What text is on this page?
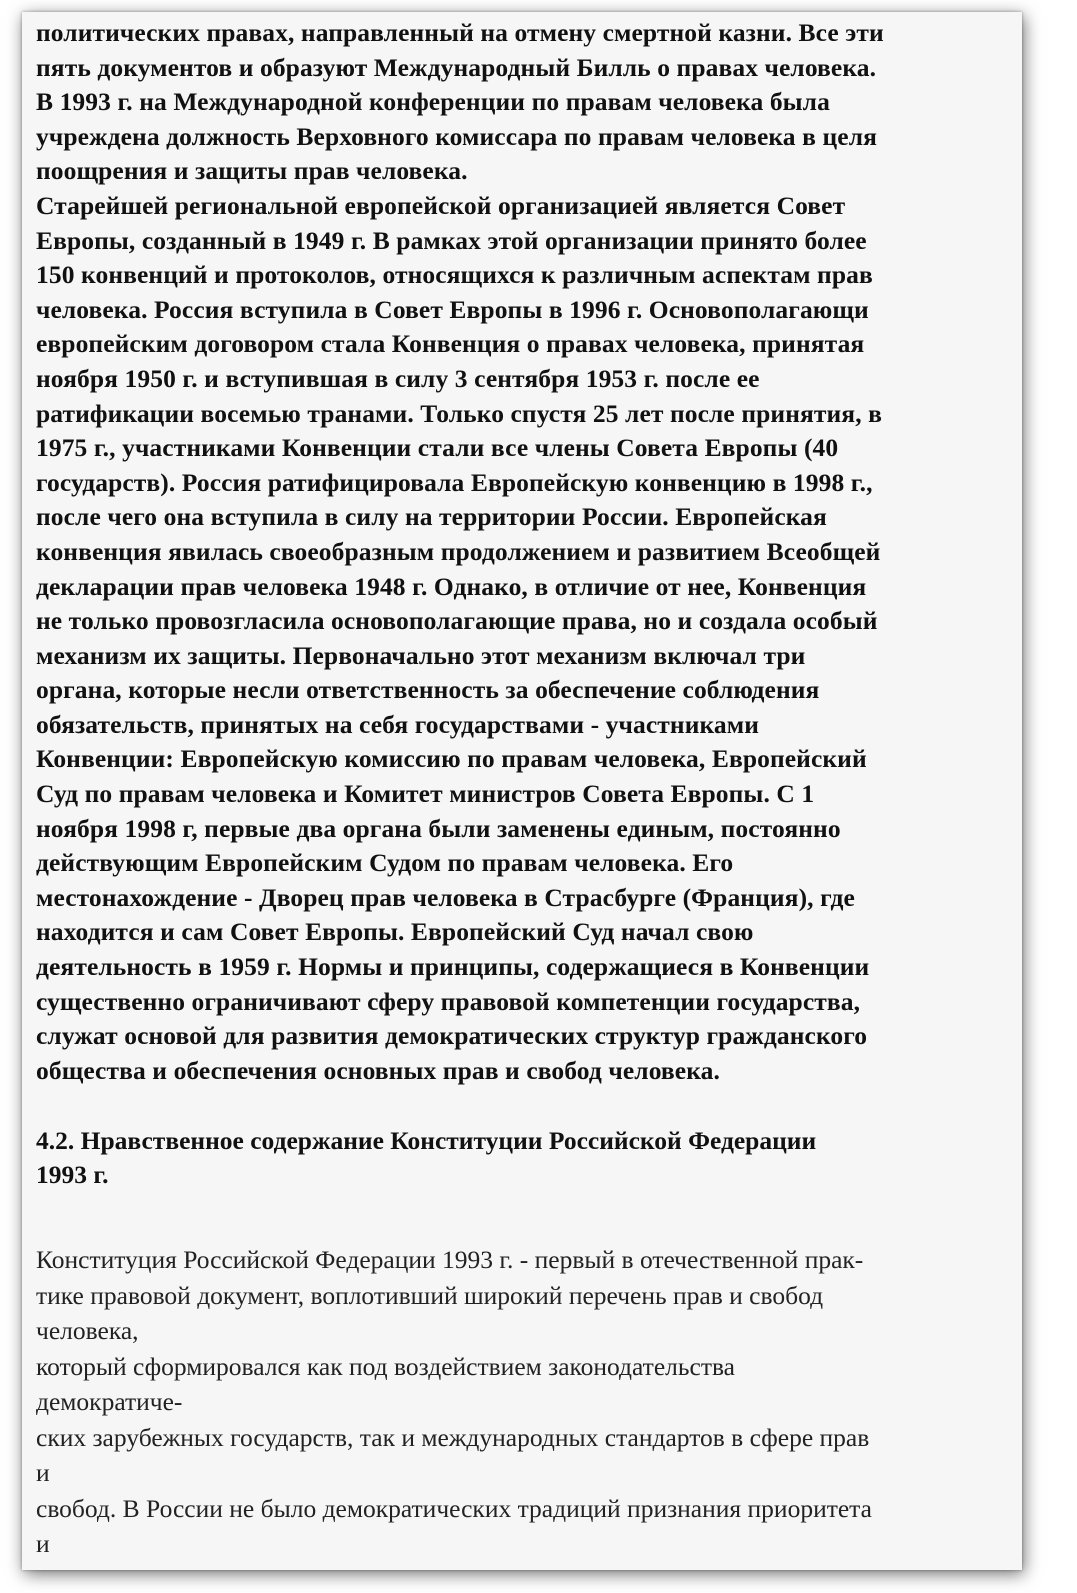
политических правах, направленный на отмену смертной казни. Все эти
пять документов и образуют Международный Билль о правах человека.
В 1993 г. на Международной конференции по правам человека была
учреждена должность Верховного комиссара по правам человека в целя
поощрения и защиты прав человека.
Старейшей региональной европейской организацией является Совет
Европы, созданный в 1949 г. В рамках этой организации принято более
150 конвенций и протоколов, относящихся к различным аспектам прав
человека. Россия вступила в Совет Европы в 1996 г. Основополагающи
европейским договором стала Конвенция о правах человека, принятая
ноября 1950 г. и вступившая в силу 3 сентября 1953 г. после ее
ратификации восемью транами. Только спустя 25 лет после принятия, в
1975 г., участниками Конвенции стали все члены Совета Европы (40
государств). Россия ратифицировала Европейскую конвенцию в 1998 г.,
после чего она вступила в силу на территории России. Европейская
конвенция явилась своеобразным продолжением и развитием Всеобщей
декларации прав человека 1948 г. Однако, в отличие от нее, Конвенция
не только провозгласила основополагающие права, но и создала особый
механизм их защиты. Первоначально этот механизм включал три
органа, которые несли ответственность за обеспечение соблюдения
обязательств, принятых на себя государствами - участниками
Конвенции: Европейскую комиссию по правам человека, Европейский
Суд по правам человека и Комитет министров Совета Европы. С 1
ноября 1998 г, первые два органа были заменены единым, постоянно
действующим Европейским Судом по правам человека. Его
местонахождение - Дворец прав человека в Страсбурге (Франция), где
находится и сам Совет Европы. Европейский Суд начал свою
деятельность в 1959 г. Нормы и принципы, содержащиеся в Конвенции
существенно ограничивают сферу правовой компетенции государства,
служат основой для развития демократических структур гражданского
общества и обеспечения основных прав и свобод человека.
4.2. Нравственное содержание Конституции Российской Федерации
1993 г.
Конституция Российской Федерации 1993 г. - первый в отечественной прак-
тике правовой документ, воплотивший широкий перечень прав и свобод
человека,
который сформировался как под воздействием законодательства
демократиче-
ских зарубежных государств, так и международных стандартов в сфере прав
и
свобод. В России не было демократических традиций признания приоритета
и
